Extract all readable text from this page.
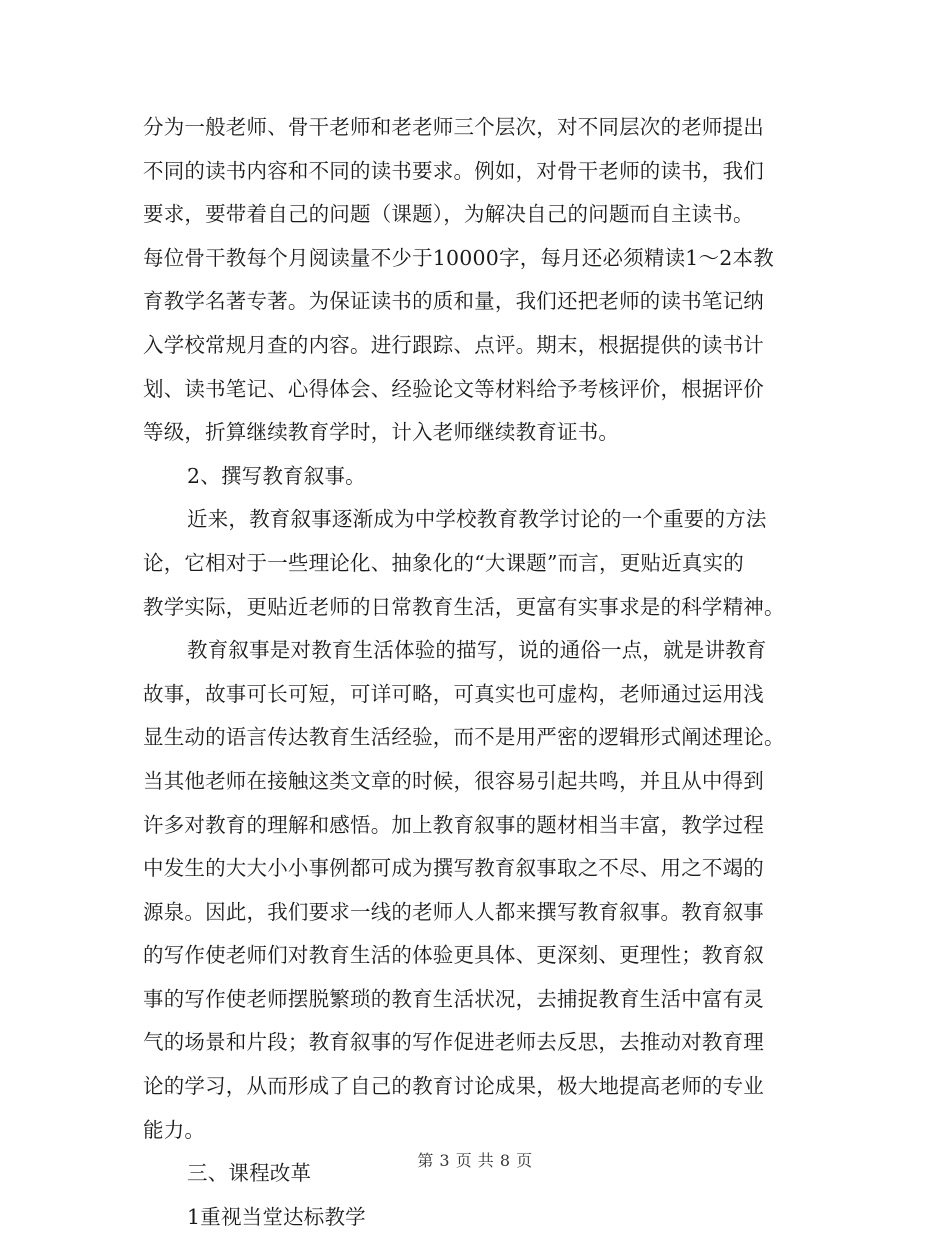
分为一般老师、骨干老师和老老师三个层次，对不同层次的老师提出
不同的读书内容和不同的读书要求。例如，对骨干老师的读书，我们
要求，要带着自己的问题（课题），为解决自己的问题而自主读书。
每位骨干教每个月阅读量不少于10000字，每月还必须精读1～2本教
育教学名著专著。为保证读书的质和量，我们还把老师的读书笔记纳
入学校常规月查的内容。进行跟踪、点评。期末，根据提供的读书计
划、读书笔记、心得体会、经验论文等材料给予考核评价，根据评价
等级，折算继续教育学时，计入老师继续教育证书。
2、撰写教育叙事。
近来，教育叙事逐渐成为中学校教育教学讨论的一个重要的方法
论，它相对于一些理论化、抽象化的“大课题”而言，更贴近真实的
教学实际，更贴近老师的日常教育生活，更富有实事求是的科学精神。
教育叙事是对教育生活体验的描写，说的通俗一点，就是讲教育
故事，故事可长可短，可详可略，可真实也可虚构，老师通过运用浅
显生动的语言传达教育生活经验，而不是用严密的逻辑形式阐述理论。
当其他老师在接触这类文章的时候，很容易引起共鸣，并且从中得到
许多对教育的理解和感悟。加上教育叙事的题材相当丰富，教学过程
中发生的大大小小事例都可成为撰写教育叙事取之不尽、用之不竭的
源泉。因此，我们要求一线的老师人人都来撰写教育叙事。教育叙事
的写作使老师们对教育生活的体验更具体、更深刻、更理性；教育叙
事的写作使老师摆脱繁琐的教育生活状况，去捕捉教育生活中富有灵
气的场景和片段；教育叙事的写作促进老师去反思，去推动对教育理
论的学习，从而形成了自己的教育讨论成果，极大地提高老师的专业
能力。
三、课程改革
1重视当堂达标教学
第 3 页 共 8 页
